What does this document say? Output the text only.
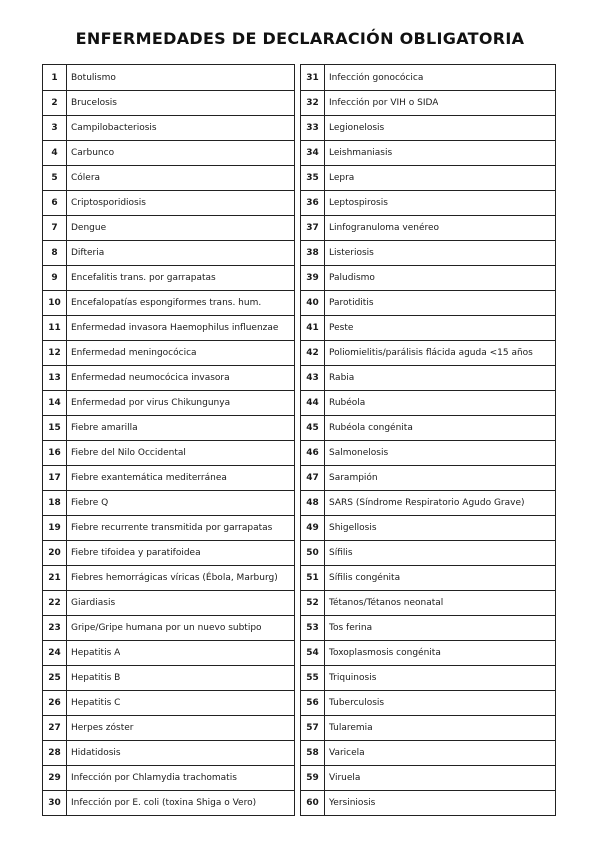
ENFERMEDADES DE DECLARACIÓN OBLIGATORIA
1	Botulismo
2	Brucelosis
3	Campilobacteriosis
4	Carbunco
5	Cólera
6	Criptosporidiosis
7	Dengue
8	Difteria
9	Encefalitis trans. por garrapatas
10	Encefalopatías espongiformes trans. hum.
11	Enfermedad invasora Haemophilus influenzae
12	Enfermedad meningocócica
13	Enfermedad neumocócica invasora
14	Enfermedad por virus Chikungunya
15	Fiebre amarilla
16	Fiebre del Nilo Occidental
17	Fiebre exantemática mediterránea
18	Fiebre Q
19	Fiebre recurrente transmitida por garrapatas
20	Fiebre tifoidea y paratifoidea
21	Fiebres hemorrágicas víricas (Ébola, Marburg)
22	Giardiasis
23	Gripe/Gripe humana por un nuevo subtipo
24	Hepatitis A
25	Hepatitis B
26	Hepatitis C
27	Herpes zóster
28	Hidatidosis
29	Infección por Chlamydia trachomatis
30	Infección por E. coli (toxina Shiga o Vero)
31	Infección gonocócica
32	Infección por VIH o SIDA
33	Legionelosis
34	Leishmaniasis
35	Lepra
36	Leptospirosis
37	Linfogranuloma venéreo
38	Listeriosis
39	Paludismo
40	Parotiditis
41	Peste
42	Poliomielitis/parálisis flácida aguda <15 años
43	Rabia
44	Rubéola
45	Rubéola congénita
46	Salmonelosis
47	Sarampión
48	SARS (Síndrome Respiratorio Agudo Grave)
49	Shigellosis
50	Sífilis
51	Sífilis congénita
52	Tétanos/Tétanos neonatal
53	Tos ferina
54	Toxoplasmosis congénita
55	Triquinosis
56	Tuberculosis
57	Tularemia
58	Varicela
59	Viruela
60	Yersiniosis
